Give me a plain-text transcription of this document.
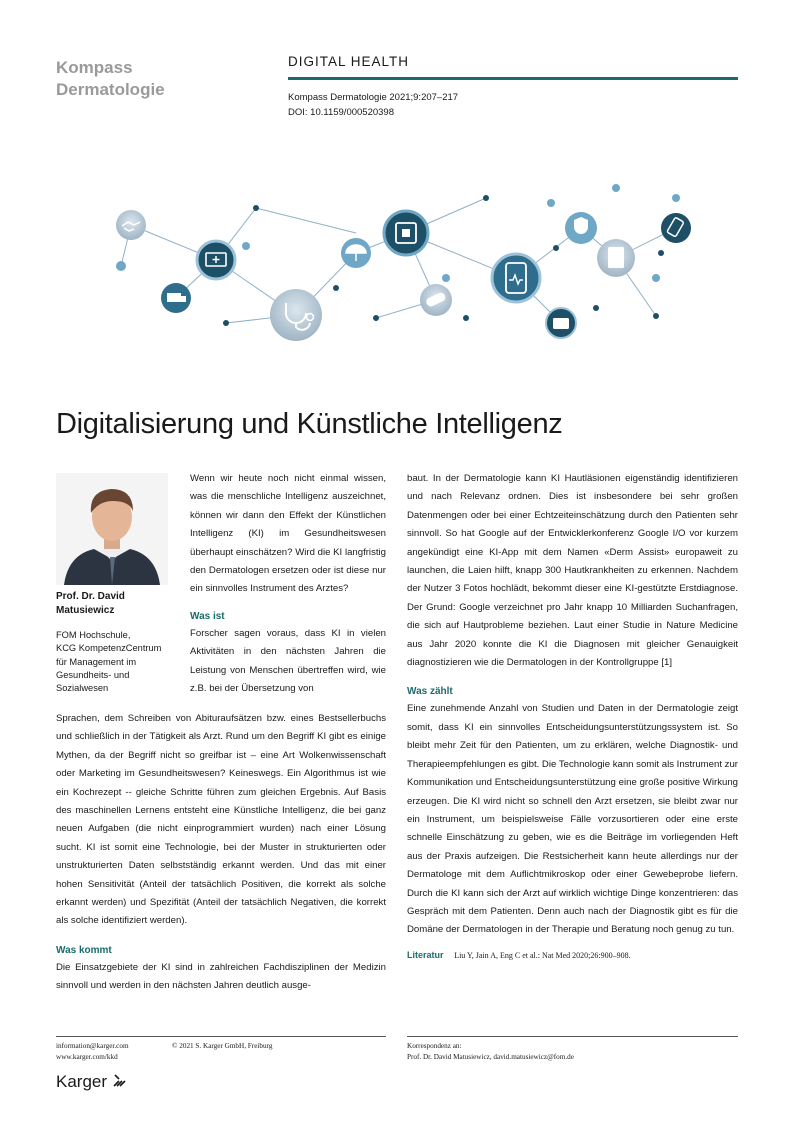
Kompass
Dermatologie
DIGITAL HEALTH
Kompass Dermatologie 2021;9:207–217
DOI: 10.1159/000520398
Digitalisierung und Künstliche Intelligenz
Prof. Dr. David
Matusiewicz
FOM Hochschule,
KCG KompetenzCentrum
für Management im
Gesundheits- und
Sozialwesen

Wenn wir heute noch nicht einmal wissen, was die menschliche Intelligenz auszeichnet, können wir dann den Effekt der Künstlichen Intelligenz (KI) im Gesundheitswesen überhaupt einschätzen? Wird die KI langfristig den Dermatologen ersetzen oder ist diese nur ein sinnvolles Instrument des Arztes?

Was ist

Forscher sagen voraus, dass KI in vielen Aktivitäten in den nächsten Jahren die Leistung von Menschen übertreffen wird, wie z.B. bei der Übersetzung von

Sprachen, dem Schreiben von Abituraufsätzen bzw. eines Bestsellerbuchs und schließlich in der Tätigkeit als Arzt. Rund um den Begriff KI gibt es einige Mythen, da der Begriff nicht so greifbar ist – eine Art Wolkenwissenschaft oder Marketing im Gesundheitswesen? Keineswegs. Ein Algorithmus ist wie ein Kochrezept -- gleiche Schritte führen zum gleichen Ergebnis. Auf Basis des maschinellen Lernens entsteht eine Künstliche Intelligenz, die bei ganz neuen Aufgaben (die nicht einprogrammiert wurden) nach einer Lösung sucht. KI ist somit eine Technologie, bei der Muster in strukturierten oder unstrukturierten Daten selbstständig erkannt werden. Und das mit einer hohen Sensitivität (Anteil der tatsächlich Positiven, die korrekt als solche erkannt werden) und Spezifität (Anteil der tatsächlich Negativen, die korrekt als solche identifiziert werden).

Was kommt

Die Einsatzgebiete der KI sind in zahlreichen Fachdisziplinen der Medizin sinnvoll und werden in den nächsten Jahren deutlich ausge-

baut. In der Dermatologie kann KI Hautläsionen eigenständig identifizieren und nach Relevanz ordnen. Dies ist insbesondere bei sehr großen Datenmengen oder bei einer Echtzeiteinschätzung durch den Patienten sehr sinnvoll. So hat Google auf der Entwicklerkonferenz Google I/O vor kurzem angekündigt eine KI-App mit dem Namen «Derm Assist» europaweit zu launchen, die Laien hilft, knapp 300 Hautkrankheiten zu erkennen. Nachdem der Nutzer 3 Fotos hochlädt, bekommt dieser eine KI-gestützte Erstdiagnose. Der Grund: Google verzeichnet pro Jahr knapp 10 Milliarden Suchanfragen, die sich auf Hautprobleme beziehen. Laut einer Studie in Nature Medicine aus Jahr 2020 konnte die KI die Diagnosen mit gleicher Genauigkeit diagnostizieren wie die Dermatologen in der Kontrollgruppe [1]

Was zählt

Eine zunehmende Anzahl von Studien und Daten in der Dermatologie zeigt somit, dass KI ein sinnvolles Entscheidungsunterstützungssystem ist. So bleibt mehr Zeit für den Patienten, um zu erklären, welche Diagnostik- und Therapieempfehlungen es gibt. Die Technologie kann somit als Instrument zur Kommunikation und Entscheidungsunterstützung eine große positive Wirkung erzeugen. Die KI wird nicht so schnell den Arzt ersetzen, sie bleibt zwar nur ein Instrument, um beispielsweise Fälle vorzusortieren oder eine erste schnelle Einschätzung zu geben, wie es die Beiträge im vorliegenden Heft aus der Praxis aufzeigen. Die Restsicherheit kann heute allerdings nur der Dermatologe mit dem Auflichtmikroskop oder einer Gewebeprobe liefern. Durch die KI kann sich der Arzt auf wirklich wichtige Dinge konzentrieren: das Gespräch mit dem Patienten. Denn auch nach der Diagnostik gibt es für die Domäne der Dermatologen in der Therapie und Beratung noch genug zu tun.

Literatur Liu Y, Jain A, Eng C et al.: Nat Med 2020;26:900–908.
information@karger.com
www.karger.com/kkd
© 2021 S. Karger GmbH, Freiburg	Korrespondenz an:
Prof. Dr. David Matusiewicz, david.matusiewicz@fom.de
Karger
